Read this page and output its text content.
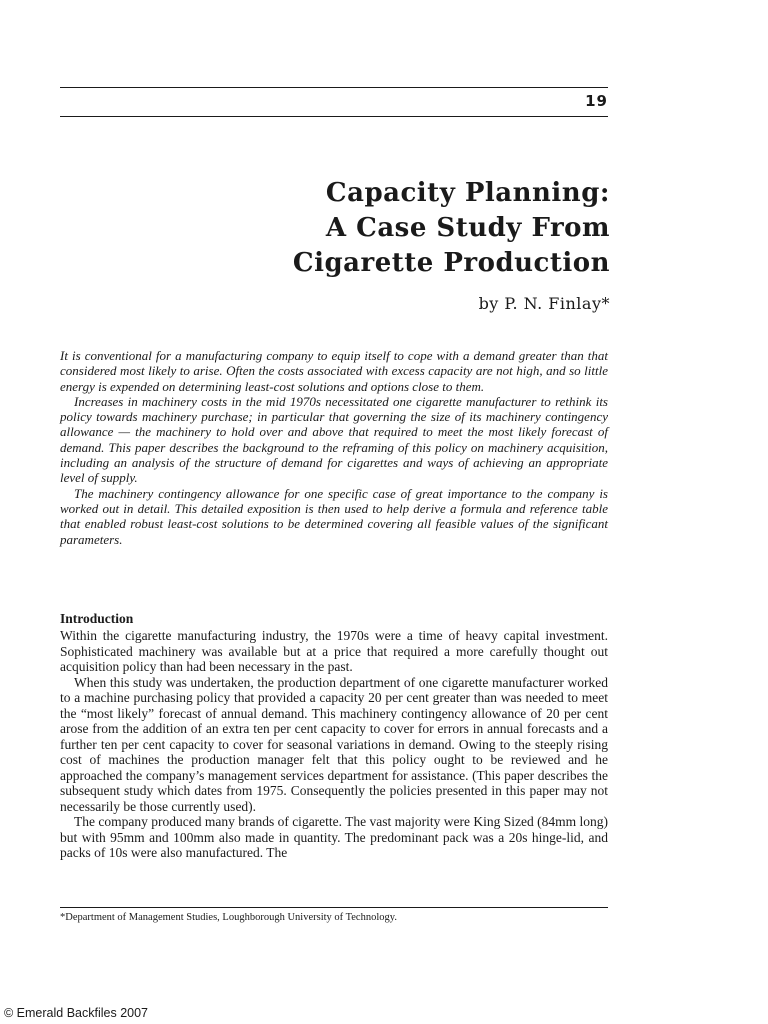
19
Capacity Planning:
A Case Study From
Cigarette Production
by P. N. Finlay*

It is conventional for a manufacturing company to equip itself to cope with a demand greater than that considered most likely to arise. Often the costs associated with excess capacity are not high, and so little energy is expended on determining least-cost solutions and options close to them.

Increases in machinery costs in the mid 1970s necessitated one cigarette manufacturer to rethink its policy towards machinery purchase; in particular that governing the size of its machinery contingency allowance — the machinery to hold over and above that required to meet the most likely forecast of demand. This paper describes the background to the reframing of this policy on machinery acquisition, including an analysis of the structure of demand for cigarettes and ways of achieving an appropriate level of supply.

The machinery contingency allowance for one specific case of great importance to the company is worked out in detail. This detailed exposition is then used to help derive a formula and reference table that enabled robust least-cost solutions to be determined covering all feasible values of the significant parameters.

Introduction

Within the cigarette manufacturing industry, the 1970s were a time of heavy capital investment. Sophisticated machinery was available but at a price that required a more carefully thought out acquisition policy than had been necessary in the past.

When this study was undertaken, the production department of one cigarette manufacturer worked to a machine purchasing policy that provided a capacity 20 per cent greater than was needed to meet the “most likely” forecast of annual demand. This machinery contingency allowance of 20 per cent arose from the addition of an extra ten per cent capacity to cover for errors in annual forecasts and a further ten per cent capacity to cover for seasonal variations in demand. Owing to the steeply rising cost of machines the production manager felt that this policy ought to be reviewed and he approached the company’s management services department for assistance. (This paper describes the subsequent study which dates from 1975. Consequently the policies presented in this paper may not necessarily be those currently used).

The company produced many brands of cigarette. The vast majority were King Sized (84mm long) but with 95mm and 100mm also made in quantity. The predominant pack was a 20s hinge-lid, and packs of 10s were also manufactured. The

*Department of Management Studies, Loughborough University of Technology.
© Emerald Backfiles 2007
